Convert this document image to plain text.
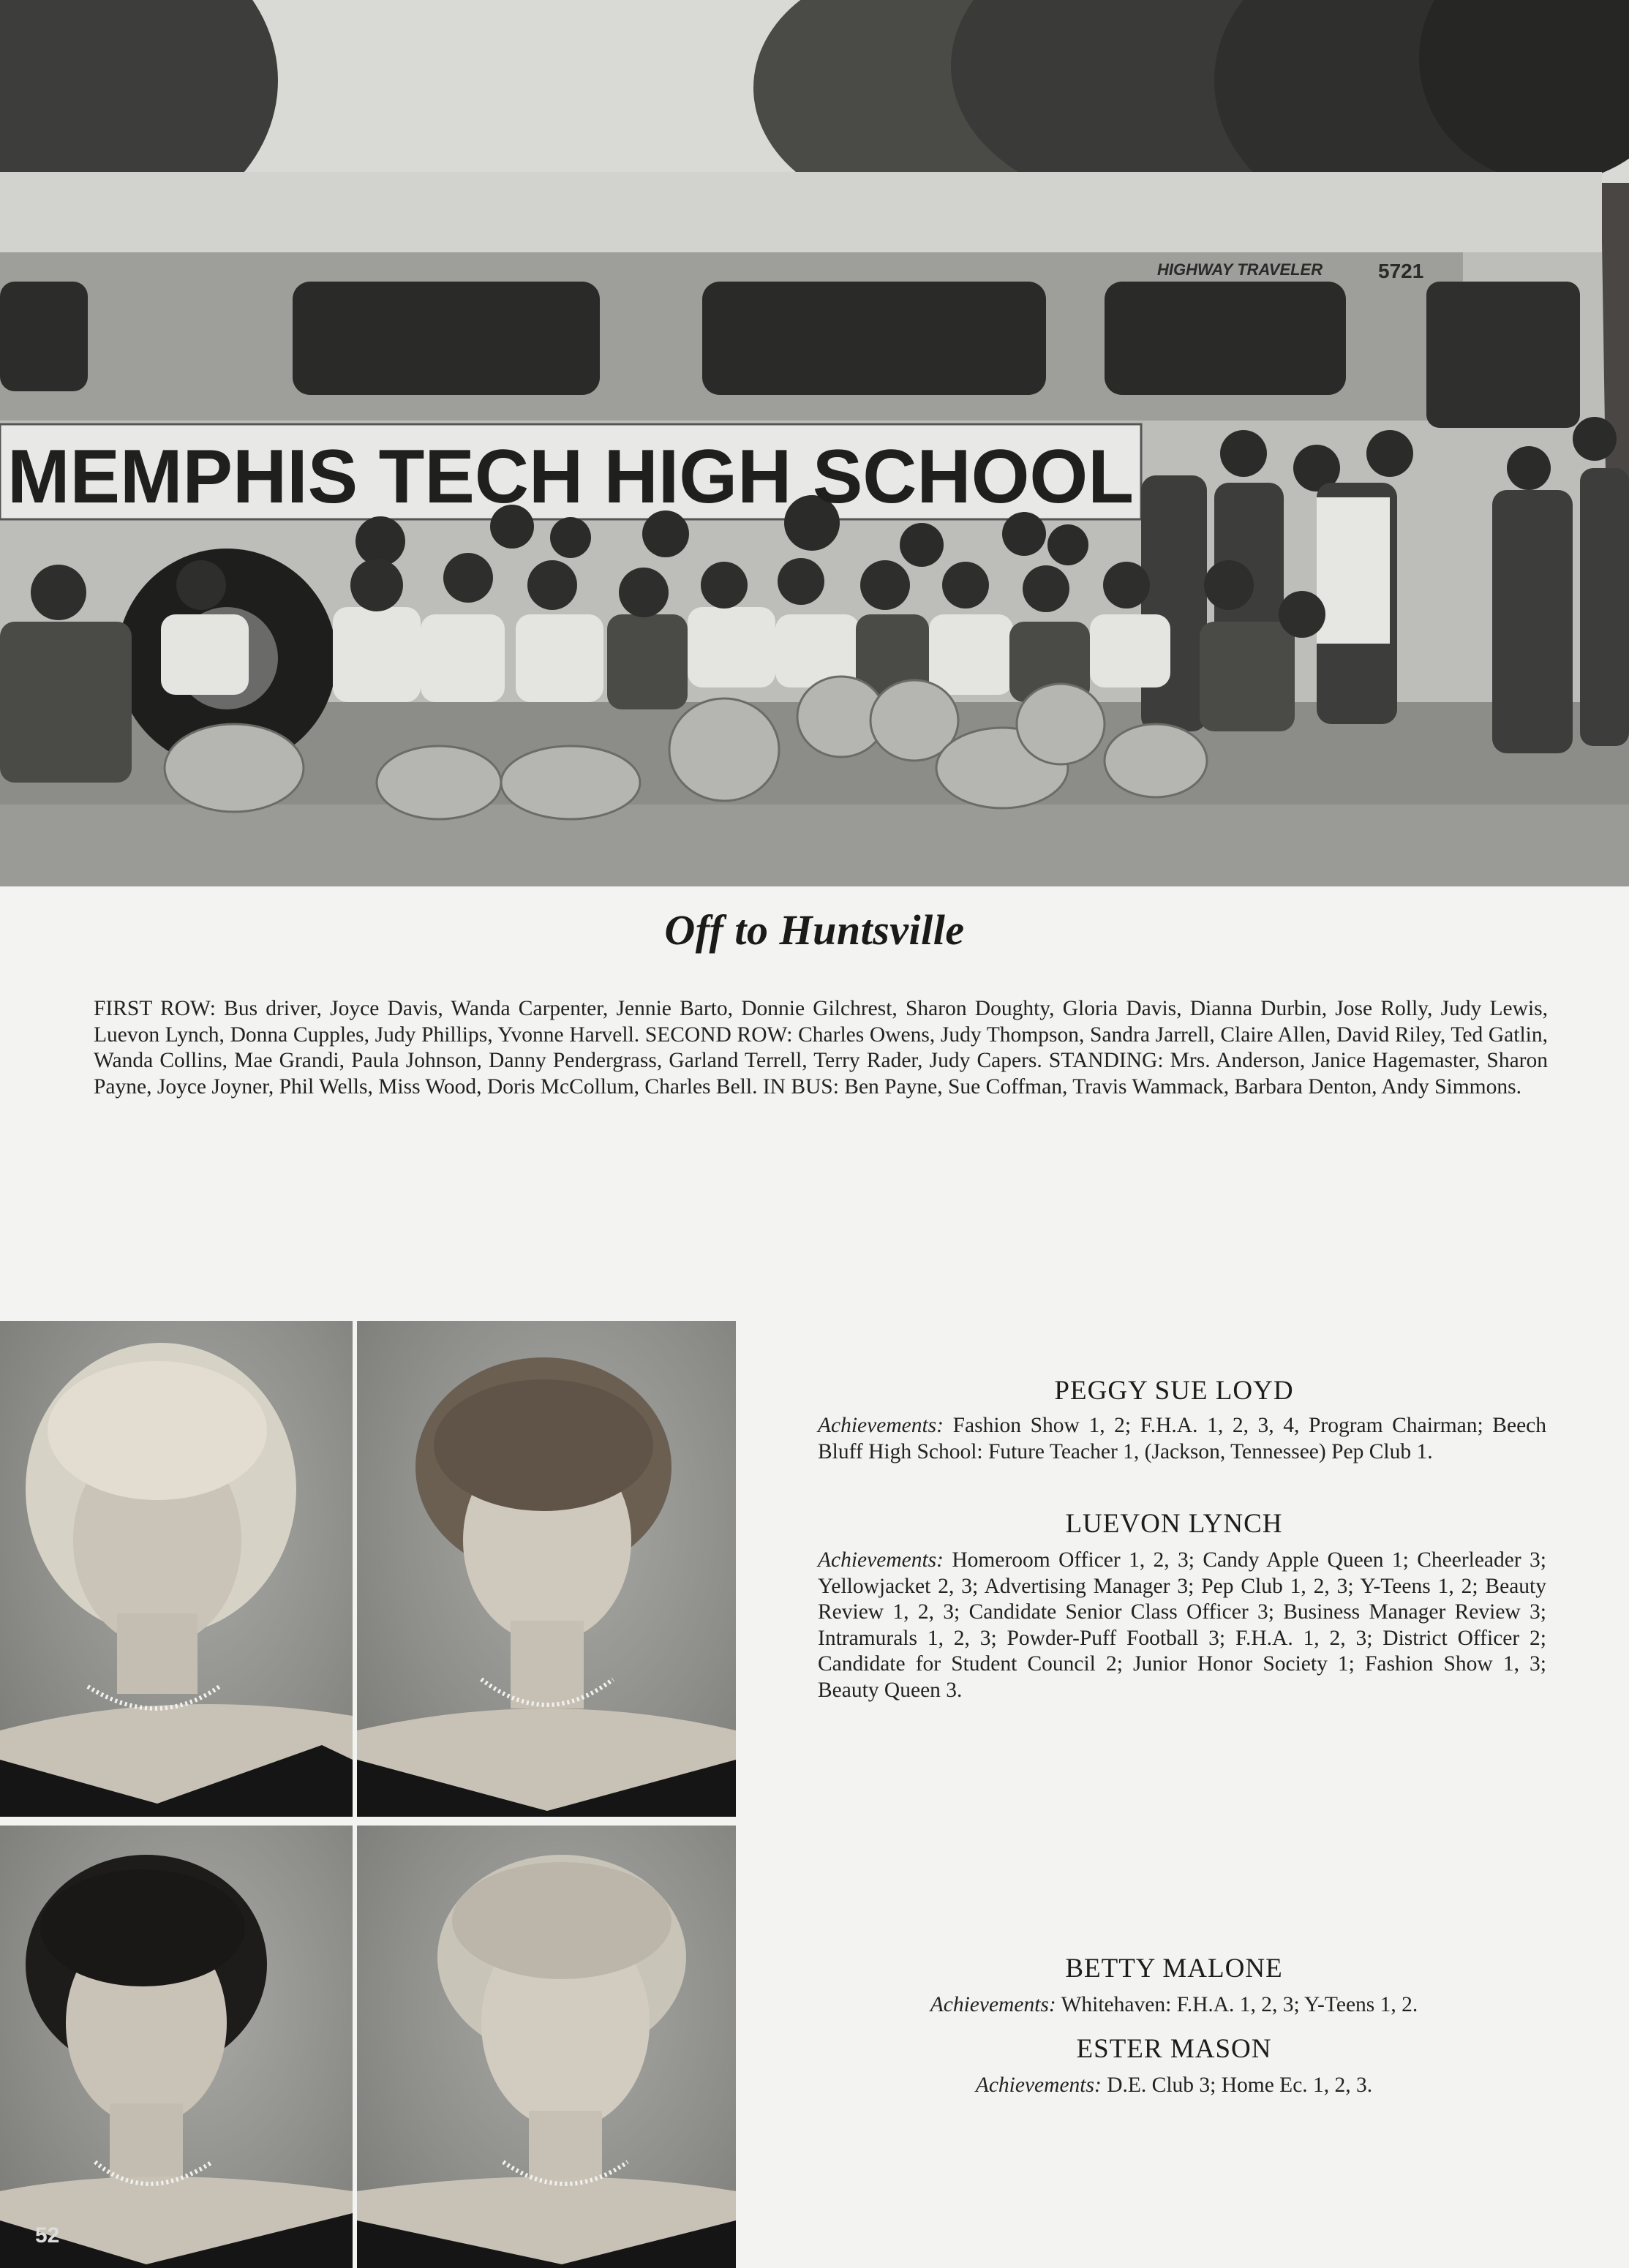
MEMPHIS TECH HIGH SCHOOL
HIGHWAY TRAVELER	5721
Off to Huntsville
FIRST ROW: Bus driver, Joyce Davis, Wanda Carpenter, Jennie Barto, Donnie Gilchrest, Sharon Doughty, Gloria Davis, Dianna Durbin, Jose Rolly, Judy Lewis, Luevon Lynch, Donna Cupples, Judy Phillips, Yvonne Harvell. SECOND ROW: Charles Owens, Judy Thompson, Sandra Jarrell, Claire Allen, David Riley, Ted Gatlin, Wanda Collins, Mae Grandi, Paula Johnson, Danny Pendergrass, Garland Terrell, Terry Rader, Judy Capers. STANDING: Mrs. Anderson, Janice Hagemaster, Sharon Payne, Joyce Joyner, Phil Wells, Miss Wood, Doris McCollum, Charles Bell. IN BUS: Ben Payne, Sue Coffman, Travis Wammack, Barbara Denton, Andy Simmons.
52
PEGGY SUE LOYD
Achievements: Fashion Show 1, 2; F.H.A. 1, 2, 3, 4, Program Chairman; Beech Bluff High School: Future Teacher 1, (Jackson, Tennessee) Pep Club 1.
LUEVON LYNCH
Achievements: Homeroom Officer 1, 2, 3; Candy Apple Queen 1; Cheerleader 3; Yellowjacket 2, 3; Advertising Manager 3; Pep Club 1, 2, 3; Y-Teens 1, 2; Beauty Review 1, 2, 3; Candidate Senior Class Officer 3; Business Manager Review 3; Intramurals 1, 2, 3; Powder-Puff Football 3; F.H.A. 1, 2, 3; District Officer 2; Candidate for Student Council 2; Junior Honor Society 1; Fashion Show 1, 3; Beauty Queen 3.
BETTY MALONE
Achievements: Whitehaven: F.H.A. 1, 2, 3; Y-Teens 1, 2.
ESTER MASON
Achievements: D.E. Club 3; Home Ec. 1, 2, 3.
